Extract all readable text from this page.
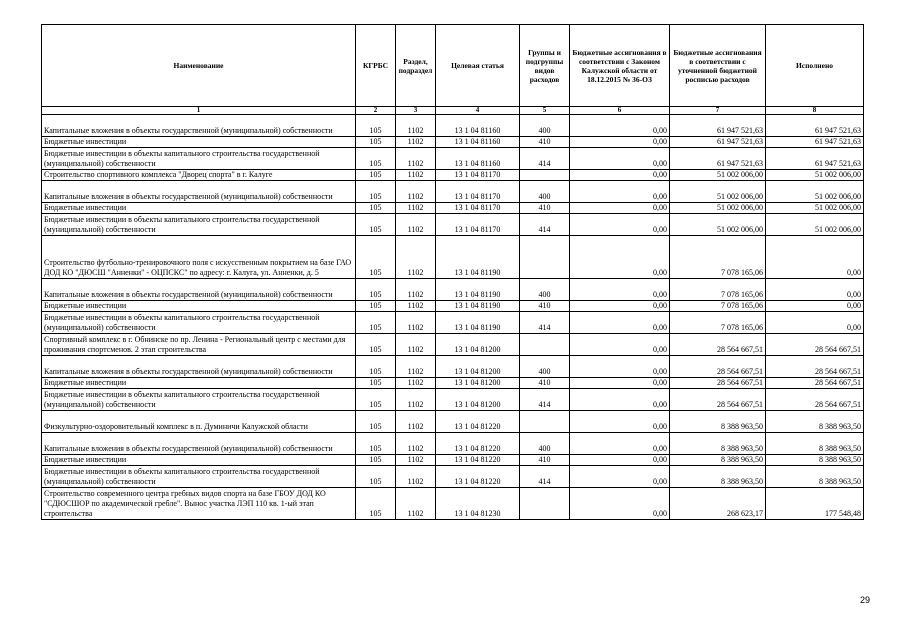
Наименование	КГРБС	Раздел, подраздел	Целевая статья	Группы и подгруппы видов расходов	Бюджетные ассигнования в соответствии с Законом Калужской области от 18.12.2015 № 36-ОЗ	Бюджетные ассигнования в соответствии с уточненной бюджетной росписью расходов	Исполнено
1	2	3	4	5	6	7	8
Капитальные вложения в объекты государственной (муниципальной) собственности	105	1102	13 1 04 81160	400	0,00	61 947 521,63	61 947 521,63
Бюджетные инвестиции	105	1102	13 1 04 81160	410	0,00	61 947 521,63	61 947 521,63
Бюджетные инвестиции в объекты капитального строительства государственной (муниципальной) собственности	105	1102	13 1 04 81160	414	0,00	61 947 521,63	61 947 521,63
Строительство спортивного комплекса "Дворец спорта" в г. Калуге	105	1102	13 1 04 81170		0,00	51 002 006,00	51 002 006,00
Капитальные вложения в объекты государственной (муниципальной) собственности	105	1102	13 1 04 81170	400	0,00	51 002 006,00	51 002 006,00
Бюджетные инвестиции	105	1102	13 1 04 81170	410	0,00	51 002 006,00	51 002 006,00
Бюджетные инвестиции в объекты капитального строительства государственной (муниципальной) собственности	105	1102	13 1 04 81170	414	0,00	51 002 006,00	51 002 006,00
Строительство футбольно-тренировочного поля с искусственным покрытием на базе ГАО ДОД КО "ДЮСШ "Анненки" - ОЦПСКС" по адресу: г. Калуга, ул. Анненки, д. 5	105	1102	13 1 04 81190		0,00	7 078 165,06	0,00
Капитальные вложения в объекты государственной (муниципальной) собственности	105	1102	13 1 04 81190	400	0,00	7 078 165,06	0,00
Бюджетные инвестиции	105	1102	13 1 04 81190	410	0,00	7 078 165,06	0,00
Бюджетные инвестиции в объекты капитального строительства государственной (муниципальной) собственности	105	1102	13 1 04 81190	414	0,00	7 078 165,06	0,00
Спортивный комплекс в г. Обнинске по пр. Ленина - Региональный центр с местами для проживания спортсменов. 2 этап строительства	105	1102	13 1 04 81200		0,00	28 564 667,51	28 564 667,51
Капитальные вложения в объекты государственной (муниципальной) собственности	105	1102	13 1 04 81200	400	0,00	28 564 667,51	28 564 667,51
Бюджетные инвестиции	105	1102	13 1 04 81200	410	0,00	28 564 667,51	28 564 667,51
Бюджетные инвестиции в объекты капитального строительства государственной (муниципальной) собственности	105	1102	13 1 04 81200	414	0,00	28 564 667,51	28 564 667,51
Физкультурно-оздоровительный комплекс в п. Думиничи Калужской области	105	1102	13 1 04 81220		0,00	8 388 963,50	8 388 963,50
Капитальные вложения в объекты государственной (муниципальной) собственности	105	1102	13 1 04 81220	400	0,00	8 388 963,50	8 388 963,50
Бюджетные инвестиции	105	1102	13 1 04 81220	410	0,00	8 388 963,50	8 388 963,50
Бюджетные инвестиции в объекты капитального строительства государственной (муниципальной) собственности	105	1102	13 1 04 81220	414	0,00	8 388 963,50	8 388 963,50
Строительство современного центра гребных видов спорта на базе ГБОУ ДОД КО "СДЮСШОР по академической гребле". Вынос участка ЛЭП 110 кв. 1-ый этап строительства	105	1102	13 1 04 81230		0,00	268 623,17	177 548,48
29
